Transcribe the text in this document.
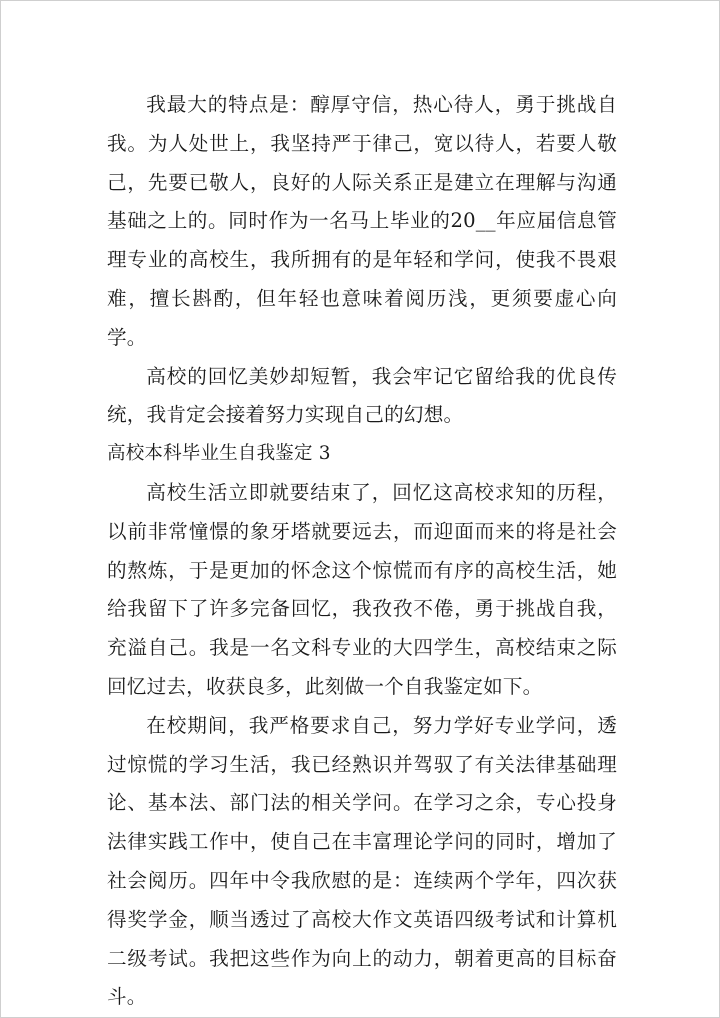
我最大的特点是：醇厚守信，热心待人，勇于挑战自我。为人处世上，我坚持严于律己，宽以待人，若要人敬己，先要已敬人，良好的人际关系正是建立在理解与沟通基础之上的。同时作为一名马上毕业的20__年应届信息管理专业的高校生，我所拥有的是年轻和学问，使我不畏艰难，擅长斟酌，但年轻也意味着阅历浅，更须要虚心向学。

高校的回忆美妙却短暂，我会牢记它留给我的优良传统，我肯定会接着努力实现自己的幻想。

高校本科毕业生自我鉴定 3

高校生活立即就要结束了，回忆这高校求知的历程，以前非常憧憬的象牙塔就要远去，而迎面而来的将是社会的熬炼，于是更加的怀念这个惊慌而有序的高校生活，她给我留下了许多完备回忆，我孜孜不倦，勇于挑战自我，充溢自己。我是一名文科专业的大四学生，高校结束之际回忆过去，收获良多，此刻做一个自我鉴定如下。

在校期间，我严格要求自己，努力学好专业学问，透过惊慌的学习生活，我已经熟识并驾驭了有关法律基础理论、基本法、部门法的相关学问。在学习之余，专心投身法律实践工作中，使自己在丰富理论学问的同时，增加了社会阅历。四年中令我欣慰的是：连续两个学年，四次获得奖学金，顺当透过了高校大作文英语四级考试和计算机二级考试。我把这些作为向上的动力，朝着更高的目标奋斗。
